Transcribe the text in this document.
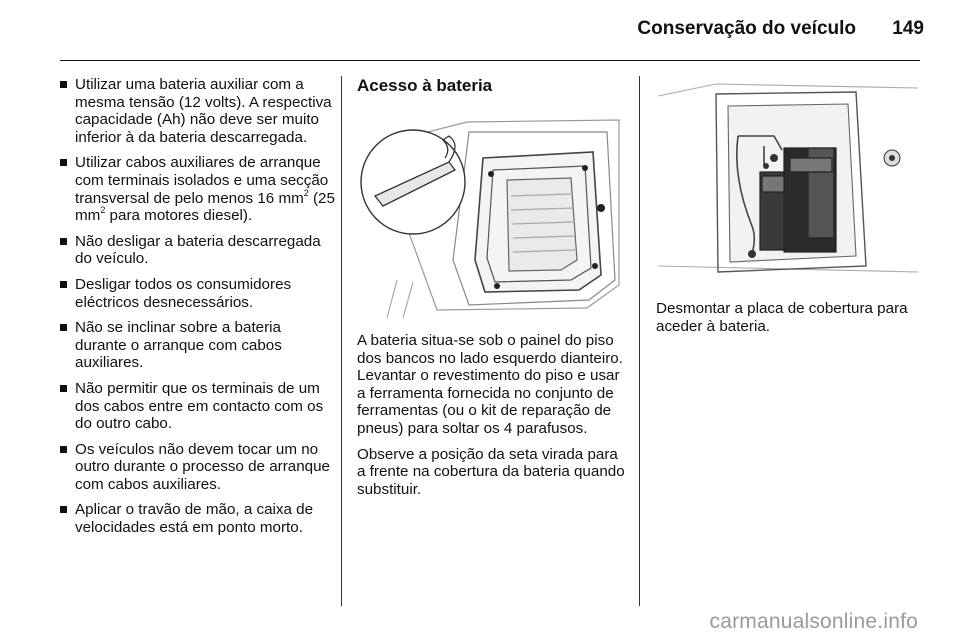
Conservação do veículo 149
Utilizar uma bateria auxiliar com a mesma tensão (12 volts). A respectiva capacidade (Ah) não deve ser muito inferior à da bateria descarregada.
Utilizar cabos auxiliares de arranque com terminais isolados e uma secção transversal de pelo menos 16 $mm^2$ (25 $mm^2$ para motores diesel).
Não desligar a bateria descarregada do veículo.
Desligar todos os consumidores eléctricos desnecessários.
Não se inclinar sobre a bateria durante o arranque com cabos auxiliares.
Não permitir que os terminais de um dos cabos entre em contacto com os do outro cabo.
Os veículos não devem tocar um no outro durante o processo de arranque com cabos auxiliares.
Aplicar o travão de mão, a caixa de velocidades está em ponto morto.
Acesso à bateria

A bateria situa-se sob o painel do piso dos bancos no lado esquerdo dianteiro. Levantar o revestimento do piso e usar a ferramenta fornecida no conjunto de ferramentas (ou o kit de reparação de pneus) para soltar os 4 parafusos.

Observe a posição da seta virada para a frente na cobertura da bateria quando substituir.

Desmontar a placa de cobertura para aceder à bateria.

carmanualsonline.info
